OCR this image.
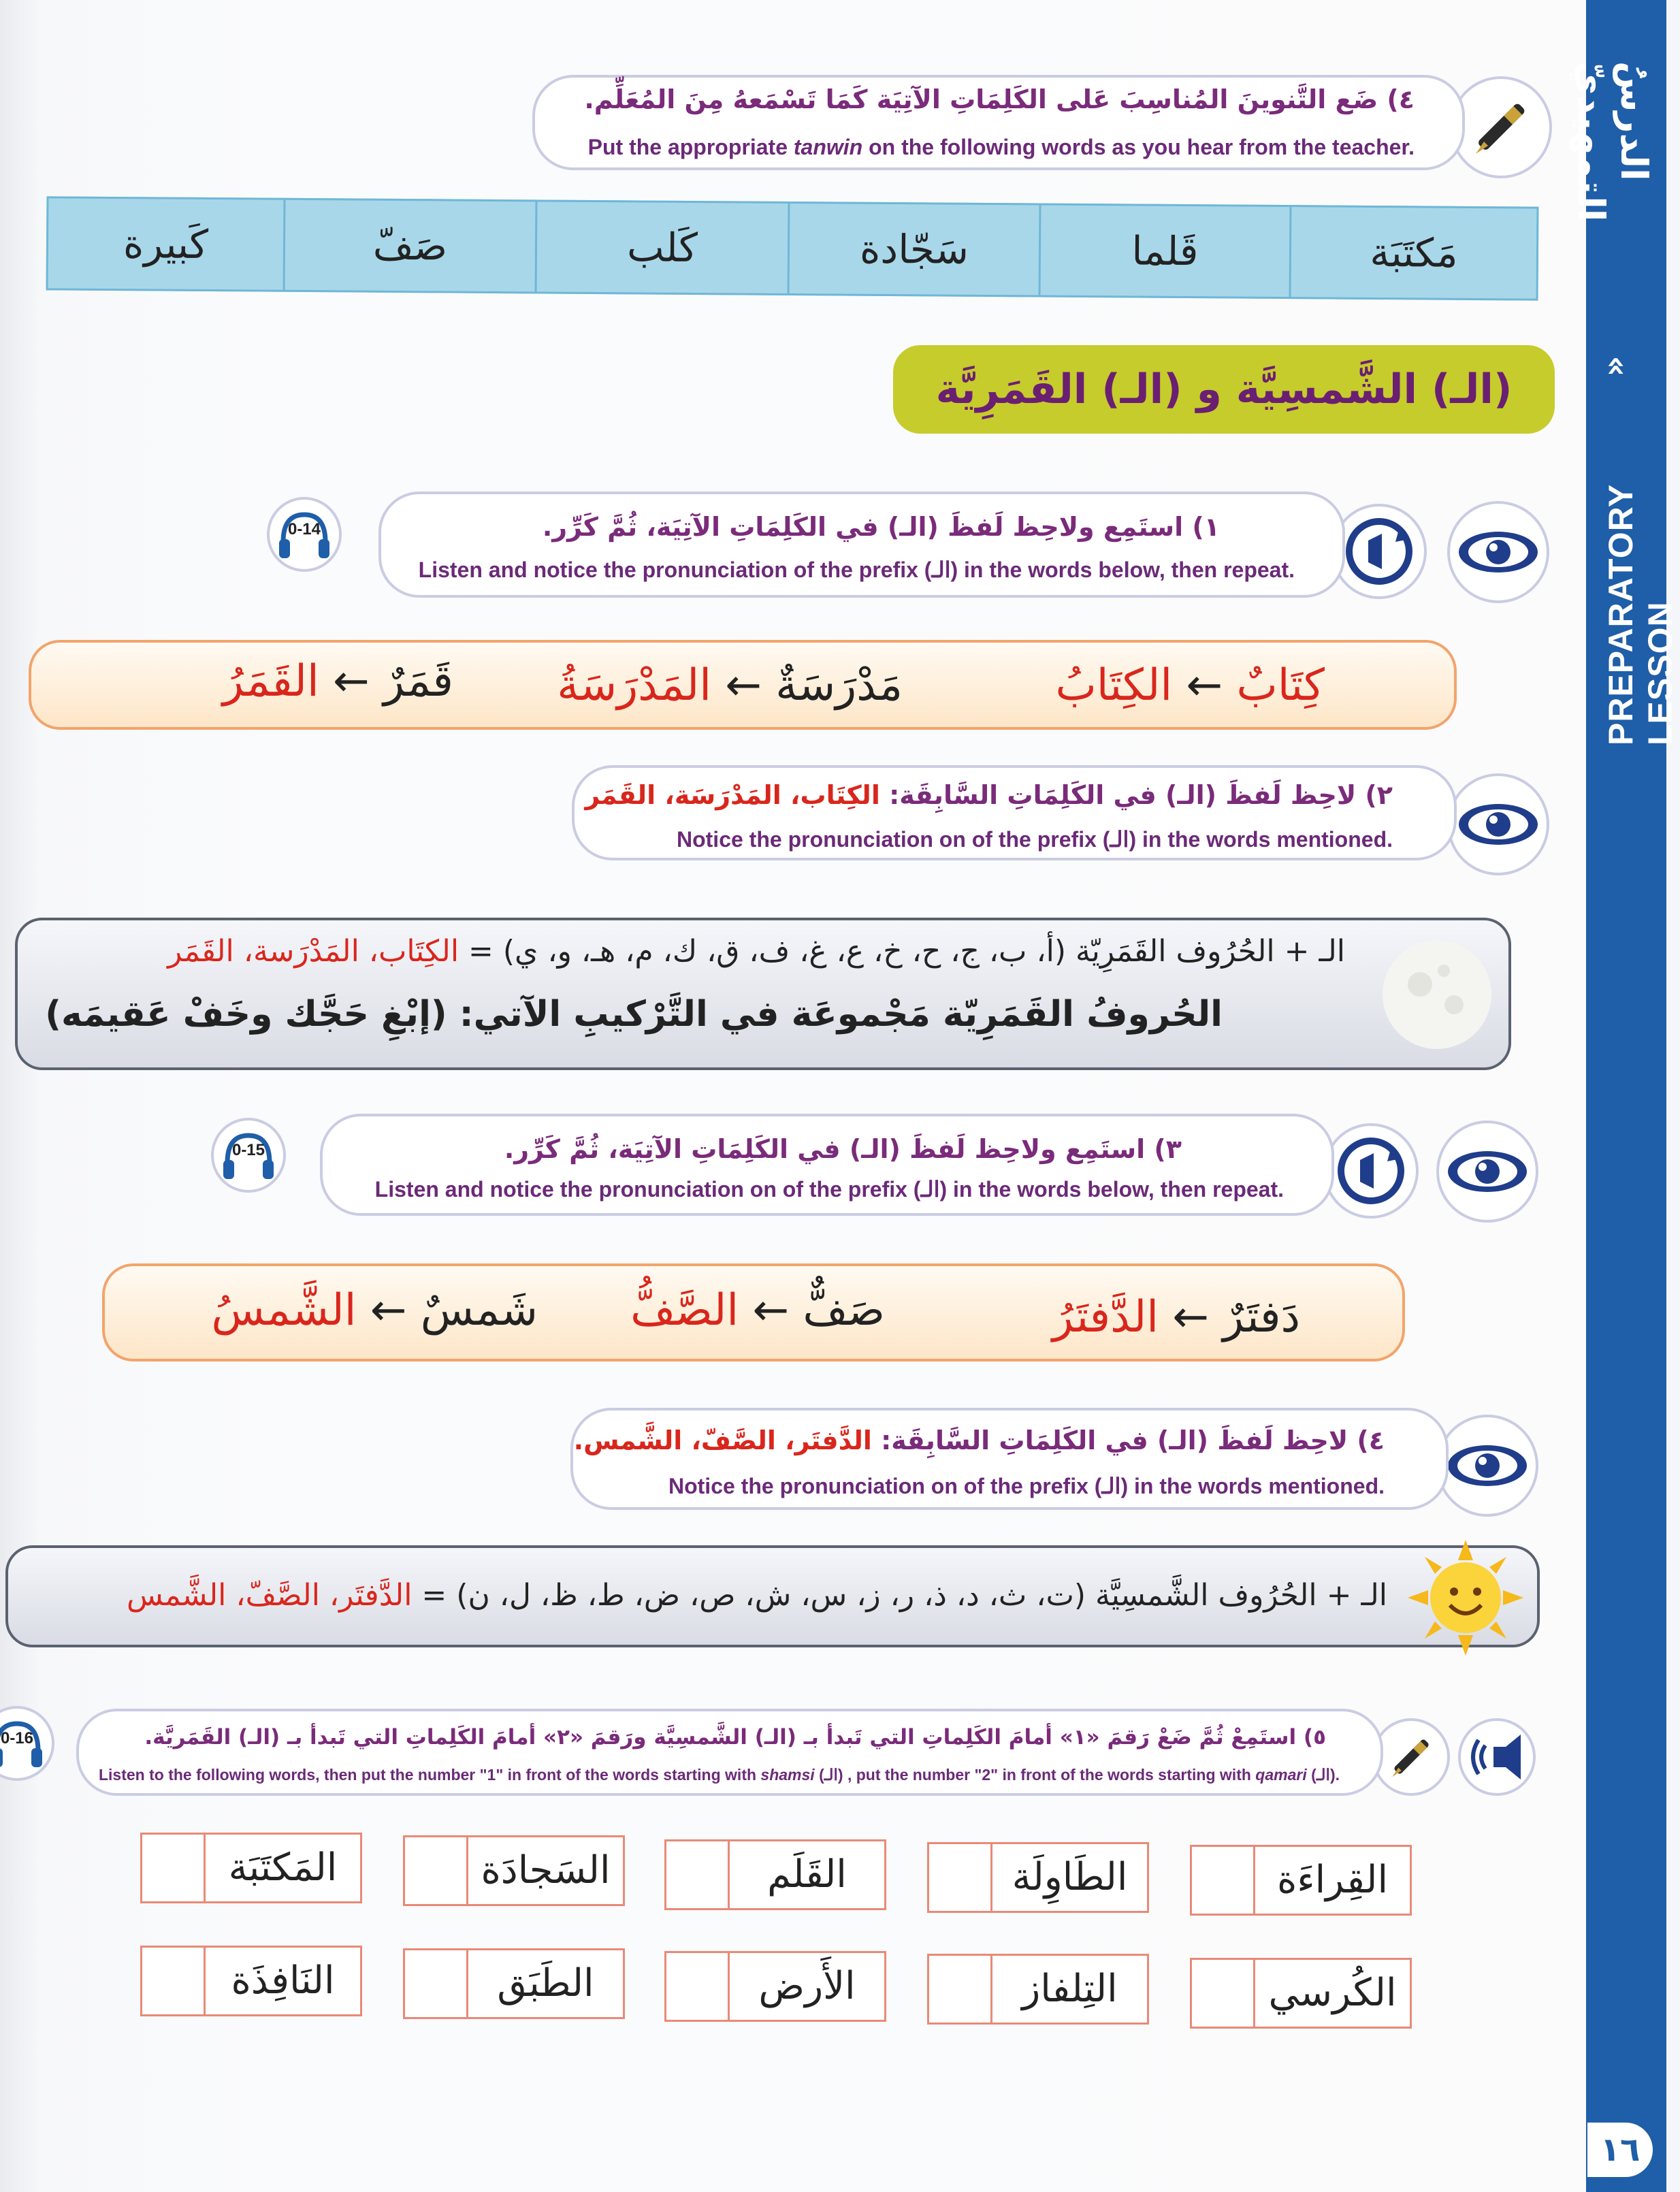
الدرسُ التمهيديّ
«
PREPARATORY LESSON
١٦
٤) ضَع التَّنوينَ المُناسِبَ عَلى الكَلِمَاتِ الآتِيَة كَمَا تَسْمَعهُ مِنَ المُعَلِّم.
Put the appropriate tanwin on the following words as you hear from the teacher.
مَكتَبَة
قَلما
سَجّادة
كَلب
صَفّ
كَبيرة
(الـ) الشَّمسِيَّة و (الـ) القَمَرِيَّة
١) استَمِع ولاحِظ لَفظَ (الـ) في الكَلِمَاتِ الآتِيَة، ثُمَّ كَرِّر.
Listen and notice the pronunciation of the prefix (الـ) in the words below, then repeat.
0-14
كِتَابٌ ← الكِتَابُ
مَدْرَسَةٌ ← المَدْرَسَةُ
قَمَرٌ ← القَمَرُ
٢) لاحِظ لَفظَ (الـ) في الكَلِمَاتِ السَّابِقَة: الكِتَاب، المَدْرَسَة، القَمَر
Notice the pronunciation on of the prefix (الـ) in the words mentioned.
الـ + الحُرُوف القَمَرِيّة (أ، ب، ج، ح، خ، ع، غ، ف، ق، ك، م، هـ، و، ي) = الكِتَاب، المَدْرَسة، القَمَر
الحُروفُ القَمَرِيّة مَجْموعَة في التَّرْكيبِ الآتي: (إبْغِ حَجَّك وخَفْ عَقيمَه)
٣) استَمِع ولاحِظ لَفظَ (الـ) في الكَلِمَاتِ الآتِيَة، ثُمَّ كَرِّر.
Listen and notice the pronunciation on of the prefix (الـ) in the words below, then repeat.
0-15
دَفتَرٌ ← الدَّفتَرُ
صَفٌّ ← الصَّفُّ
شَمسٌ ← الشَّمسُ
٤) لاحِظ لَفظَ (الـ) في الكَلِمَاتِ السَّابِقَة: الدَّفتَر، الصَّفّ، الشَّمس.
Notice the pronunciation on of the prefix (الـ) in the words mentioned.
الـ + الحُرُوف الشَّمسِيَّة (ت، ث، د، ذ، ر، ز، س، ش، ص، ض، ط، ظ، ل، ن) = الدَّفتَر، الصَّفّ، الشَّمس
٥) استَمِعْ ثُمَّ ضَعْ رَقمَ «١» أمامَ الكَلِماتِ التي تَبدأ بـ (الـ) الشَّمسِيَّة ورَقمَ «٢» أمامَ الكَلِماتِ التي تَبدأ بـ (الـ) القَمَريَّة.
Listen to the following words, then put the number "1" in front of the words starting with shamsi (الـ) , put the number "2" in front of the words starting with qamari (الـ).
0-16
القِراءَة
الطَاوِلَة
القَلَم
السَجادَة
المَكتَبَة
الكُرسي
التِلفاز
الأَرض
الطَبَق
النَافِذَة
